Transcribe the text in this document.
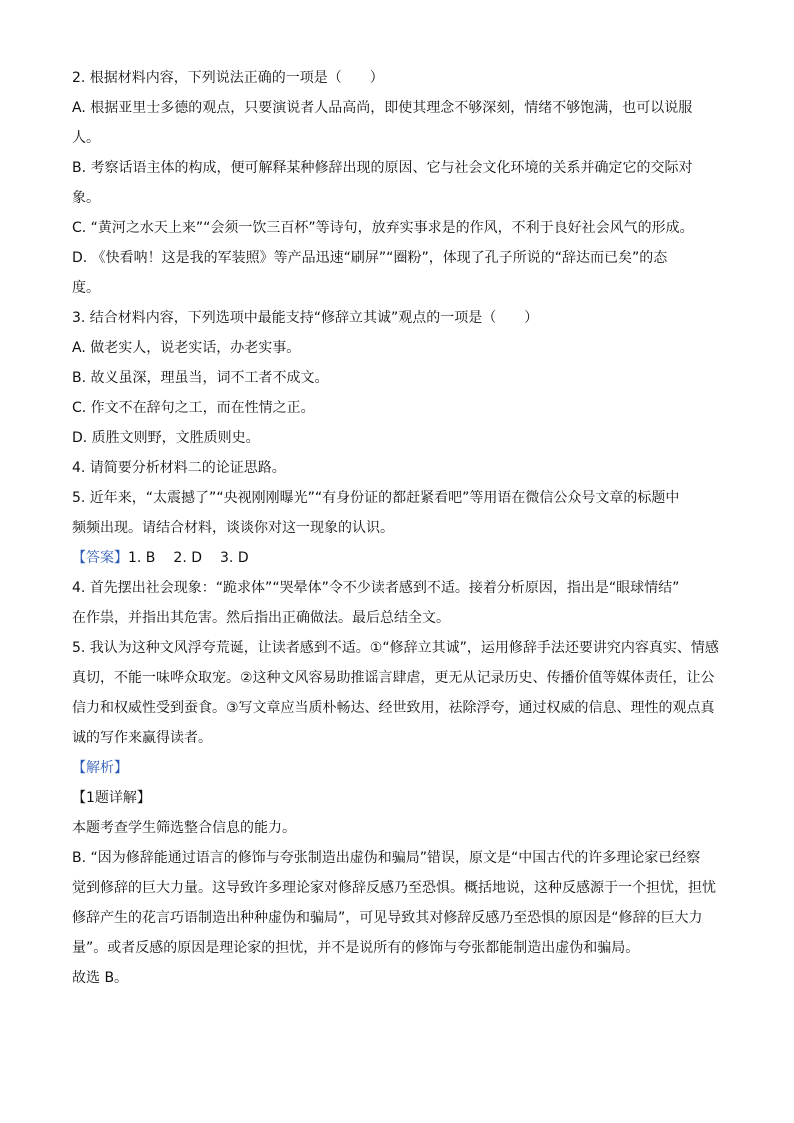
2. 根据材料内容，下列说法正确的一项是（　　）
A. 根据亚里士多德的观点，只要演说者人品高尚，即使其理念不够深刻，情绪不够饱满，也可以说服
人。
B. 考察话语主体的构成，便可解释某种修辞出现的原因、它与社会文化环境的关系并确定它的交际对
象。
C. “黄河之水天上来”“会须一饮三百杯”等诗句，放弃实事求是的作风，不利于良好社会风气的形成。
D. 《快看呐！这是我的军装照》等产品迅速“刷屏”“圈粉”，体现了孔子所说的“辞达而已矣”的态
度。
3. 结合材料内容，下列选项中最能支持“修辞立其诚”观点的一项是（　　）
A. 做老实人，说老实话，办老实事。
B. 故义虽深，理虽当，词不工者不成文。
C. 作文不在辞句之工，而在性情之正。
D. 质胜文则野，文胜质则史。
4. 请简要分析材料二的论证思路。
5. 近年来，“太震撼了”“央视刚刚曝光”“有身份证的都赶紧看吧”等用语在微信公众号文章的标题中
频频出现。请结合材料，谈谈你对这一现象的认识。
【答案】1. B 2. D 3. D
4. 首先摆出社会现象：“跪求体”“哭晕体”令不少读者感到不适。接着分析原因，指出是“眼球情结”
在作祟，并指出其危害。然后指出正确做法。最后总结全文。
5. 我认为这种文风浮夸荒诞，让读者感到不适。①“修辞立其诚”，运用修辞手法还要讲究内容真实、情感
真切，不能一味哗众取宠。②这种文风容易助推谣言肆虐，更无从记录历史、传播价值等媒体责任，让公
信力和权威性受到蚕食。③写文章应当质朴畅达、经世致用，祛除浮夸，通过权威的信息、理性的观点真
诚的写作来赢得读者。
【解析】
【1题详解】
本题考查学生筛选整合信息的能力。
B. “因为修辞能通过语言的修饰与夸张制造出虚伪和骗局”错误，原文是“中国古代的许多理论家已经察
觉到修辞的巨大力量。这导致许多理论家对修辞反感乃至恐惧。概括地说，这种反感源于一个担忧，担忧
修辞产生的花言巧语制造出种种虚伪和骗局”，可见导致其对修辞反感乃至恐惧的原因是“修辞的巨大力
量”。或者反感的原因是理论家的担忧，并不是说所有的修饰与夸张都能制造出虚伪和骗局。
故选 B。
